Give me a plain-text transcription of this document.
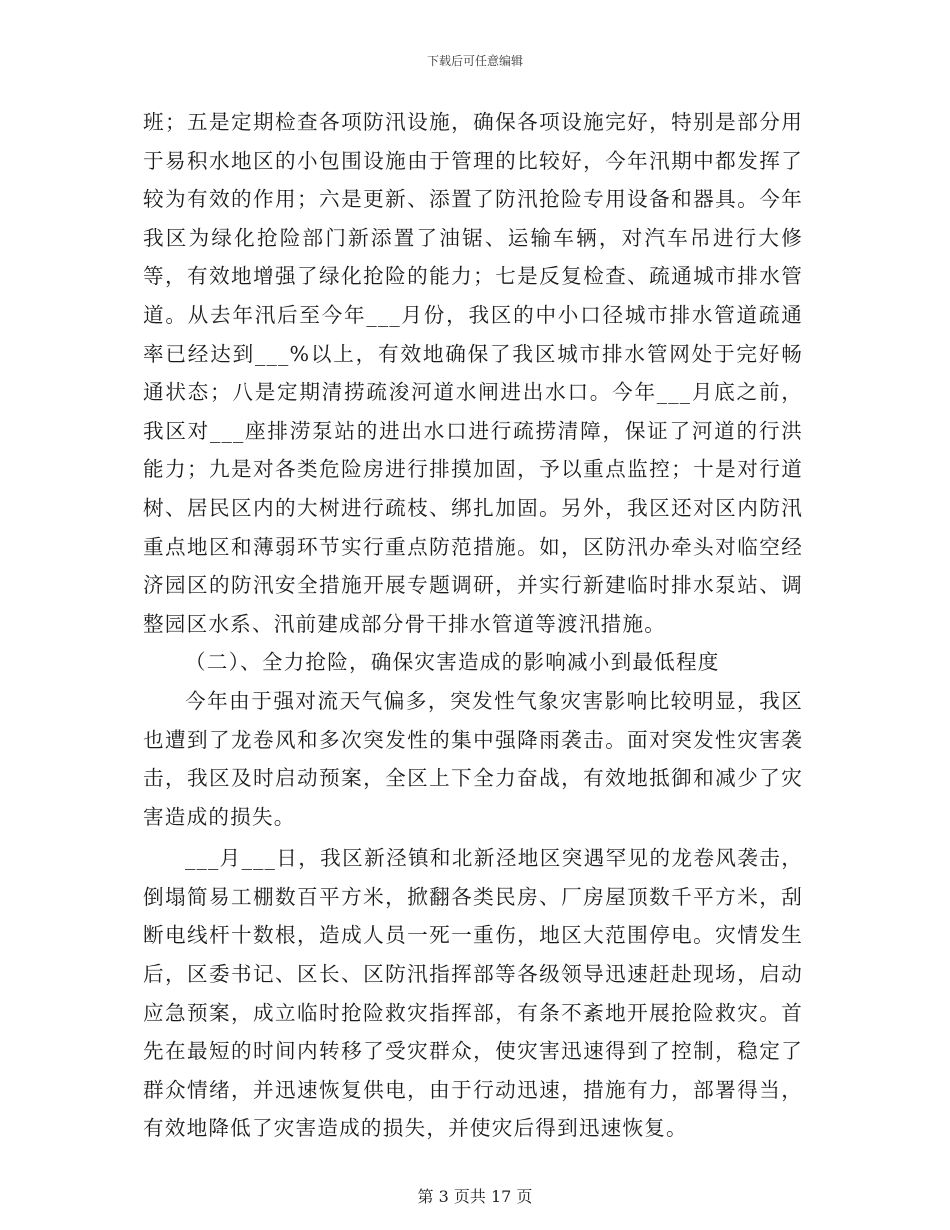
下载后可任意编辑

班；五是定期检查各项防汛设施，确保各项设施完好，特别是部分用于易积水地区的小包围设施由于管理的比较好，今年汛期中都发挥了较为有效的作用；六是更新、添置了防汛抢险专用设备和器具。今年我区为绿化抢险部门新添置了油锯、运输车辆，对汽车吊进行大修等，有效地增强了绿化抢险的能力；七是反复检查、疏通城市排水管道。从去年汛后至今年___月份，我区的中小口径城市排水管道疏通率已经达到___%以上，有效地确保了我区城市排水管网处于完好畅通状态；八是定期清捞疏浚河道水闸进出水口。今年___月底之前，我区对___座排涝泵站的进出水口进行疏捞清障，保证了河道的行洪能力；九是对各类危险房进行排摸加固，予以重点监控；十是对行道树、居民区内的大树进行疏枝、绑扎加固。另外，我区还对区内防汛重点地区和薄弱环节实行重点防范措施。如，区防汛办牵头对临空经济园区的防汛安全措施开展专题调研，并实行新建临时排水泵站、调整园区水系、汛前建成部分骨干排水管道等渡汛措施。

（二）、全力抢险，确保灾害造成的影响减小到最低程度

今年由于强对流天气偏多，突发性气象灾害影响比较明显，我区也遭到了龙卷风和多次突发性的集中强降雨袭击。面对突发性灾害袭击，我区及时启动预案，全区上下全力奋战，有效地抵御和减少了灾害造成的损失。

___月___日，我区新泾镇和北新泾地区突遇罕见的龙卷风袭击，倒塌简易工棚数百平方米，掀翻各类民房、厂房屋顶数千平方米，刮断电线杆十数根，造成人员一死一重伤，地区大范围停电。灾情发生后，区委书记、区长、区防汛指挥部等各级领导迅速赶赴现场，启动应急预案，成立临时抢险救灾指挥部，有条不紊地开展抢险救灾。首先在最短的时间内转移了受灾群众，使灾害迅速得到了控制，稳定了群众情绪，并迅速恢复供电，由于行动迅速，措施有力，部署得当，有效地降低了灾害造成的损失，并使灾后得到迅速恢复。

第 3 页共 17 页
